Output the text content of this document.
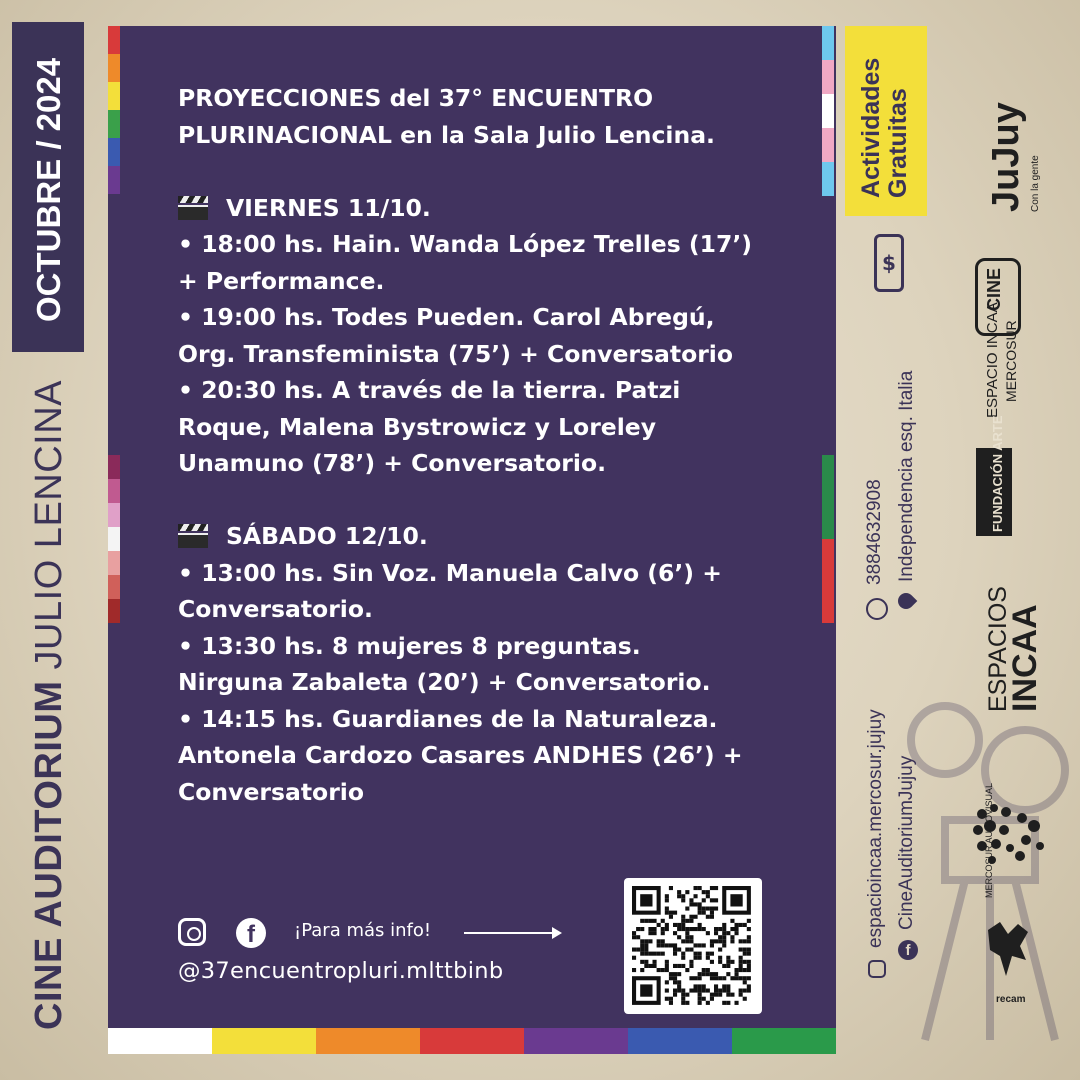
OCTUBRE / 2024
CINE AUDITORIUM JULIO LENCINA
PROYECCIONES del 37° ENCUENTRO
PLURINACIONAL en la Sala Julio Lencina.
VIERNES 11/10.
• 18:00 hs. Hain. Wanda López Trelles (17’)
+ Performance.
• 19:00 hs. Todes Pueden. Carol Abregú,
Org. Transfeminista (75’) + Conversatorio
• 20:30 hs. A través de la tierra. Patzi
Roque, Malena Bystrowicz y Loreley
Unamuno (78’) + Conversatorio.
SÁBADO 12/10.
• 13:00 hs. Sin Voz. Manuela Calvo (6’) +
Conversatorio.
• 13:30 hs. 8 mujeres 8 preguntas.
Nirguna Zabaleta (20’) + Conversatorio.
• 14:15 hs. Guardianes de la Naturaleza.
Antonela Cardozo Casares ANDHES (26’) +
Conversatorio
f	¡Para más info!
@37encuentropluri.mlttbinb
Actividades Gratuitas
$
3884632908 Independencia esq. Italia
espacioincaa.mercosur.jujuy
f
CineAuditoriumJujuy
JuJuy Con la gente
CINE
ESPACIO INCAA MERCOSUR
FUNDACIÓN ARTE
ESPACIOS
INCAA
MERCOSUR AUDIOVISUAL
recam
